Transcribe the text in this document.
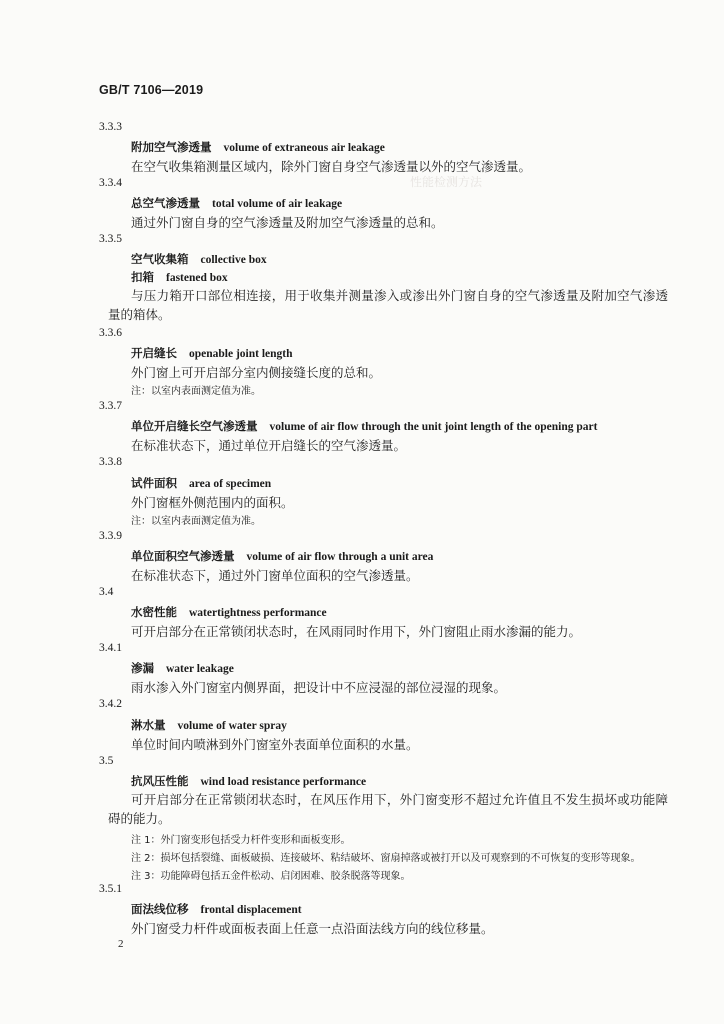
性能检测方法
GB/T 7106—2019
3.3.3
附加空气渗透量 volume of extraneous air leakage
在空气收集箱测量区域内，除外门窗自身空气渗透量以外的空气渗透量。
3.3.4
总空气渗透量 total volume of air leakage
通过外门窗自身的空气渗透量及附加空气渗透量的总和。
3.3.5
空气收集箱 collective box
扣箱 fastened box
与压力箱开口部位相连接，用于收集并测量渗入或渗出外门窗自身的空气渗透量及附加空气渗透量的箱体。
3.3.6
开启缝长 openable joint length
外门窗上可开启部分室内侧接缝长度的总和。
注：以室内表面测定值为准。
3.3.7
单位开启缝长空气渗透量 volume of air flow through the unit joint length of the opening part
在标准状态下，通过单位开启缝长的空气渗透量。
3.3.8
试件面积 area of specimen
外门窗框外侧范围内的面积。
注：以室内表面测定值为准。
3.3.9
单位面积空气渗透量 volume of air flow through a unit area
在标准状态下，通过外门窗单位面积的空气渗透量。
3.4
水密性能 watertightness performance
可开启部分在正常锁闭状态时，在风雨同时作用下，外门窗阻止雨水渗漏的能力。
3.4.1
渗漏 water leakage
雨水渗入外门窗室内侧界面，把设计中不应浸湿的部位浸湿的现象。
3.4.2
淋水量 volume of water spray
单位时间内喷淋到外门窗室外表面单位面积的水量。
3.5
抗风压性能 wind load resistance performance
可开启部分在正常锁闭状态时，在风压作用下，外门窗变形不超过允许值且不发生损坏或功能障碍的能力。
注 1：外门窗变形包括受力杆件变形和面板变形。
注 2：损坏包括裂缝、面板破损、连接破坏、粘结破坏、窗扇掉落或被打开以及可观察到的不可恢复的变形等现象。
注 3：功能障碍包括五金件松动、启闭困难、胶条脱落等现象。
3.5.1
面法线位移 frontal displacement
外门窗受力杆件或面板表面上任意一点沿面法线方向的线位移量。
2
